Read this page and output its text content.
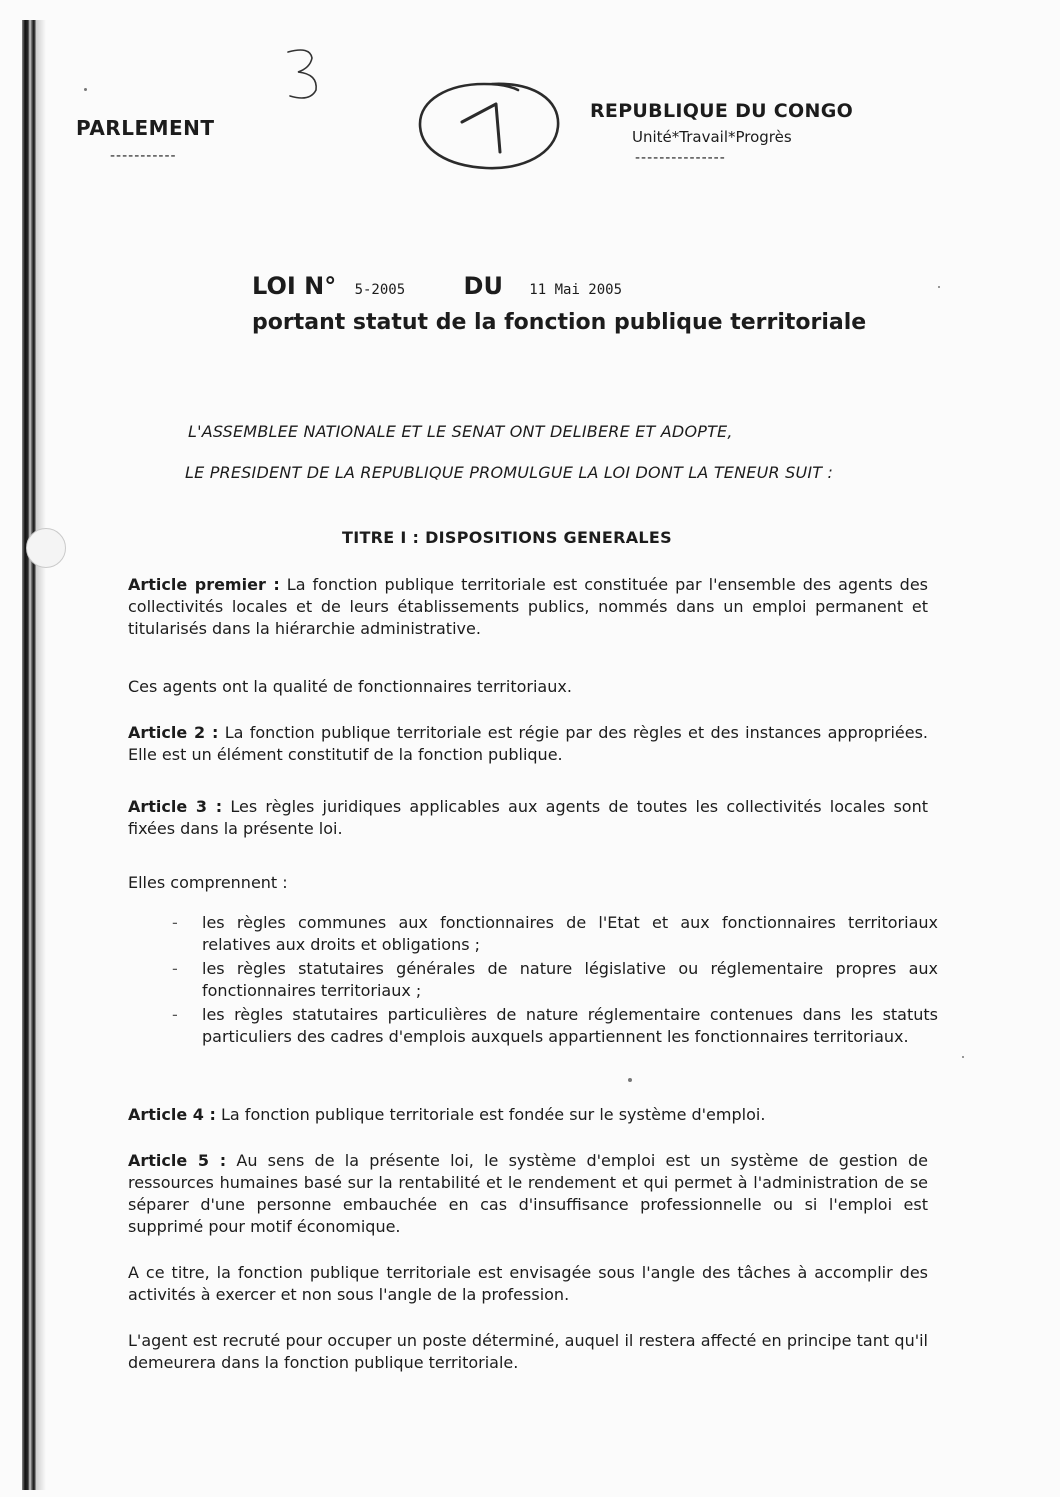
PARLEMENT
-----------
REPUBLIQUE DU CONGO
Unité*Travail*Progrès
---------------
LOI N° 5-2005 DU 11 Mai 2005
portant statut de la fonction publique territoriale
L'ASSEMBLEE NATIONALE ET LE SENAT ONT DELIBERE ET ADOPTE,
LE PRESIDENT DE LA REPUBLIQUE PROMULGUE LA LOI DONT LA TENEUR SUIT :
TITRE I : DISPOSITIONS GENERALES
Article premier : La fonction publique territoriale est constituée par l'ensemble des agents des collectivités locales et de leurs établissements publics, nommés dans un emploi permanent et titularisés dans la hiérarchie administrative.
Ces agents ont la qualité de fonctionnaires territoriaux.
Article 2 : La fonction publique territoriale est régie par des règles et des instances appropriées. Elle est un élément constitutif de la fonction publique.
Article 3 : Les règles juridiques applicables aux agents de toutes les collectivités locales sont fixées dans la présente loi.
Elles comprennent :
- les règles communes aux fonctionnaires de l'Etat et aux fonctionnaires territoriaux relatives aux droits et obligations ;
- les règles statutaires générales de nature législative ou réglementaire propres aux fonctionnaires territoriaux ;
- les règles statutaires particulières de nature réglementaire contenues dans les statuts particuliers des cadres d'emplois auxquels appartiennent les fonctionnaires territoriaux.
Article 4 : La fonction publique territoriale est fondée sur le système d'emploi.
Article 5 : Au sens de la présente loi, le système d'emploi est un système de gestion de ressources humaines basé sur la rentabilité et le rendement et qui permet à l'administration de se séparer d'une personne embauchée en cas d'insuffisance professionnelle ou si l'emploi est supprimé pour motif économique.
A ce titre, la fonction publique territoriale est envisagée sous l'angle des tâches à accomplir des activités à exercer et non sous l'angle de la profession.
L'agent est recruté pour occuper un poste déterminé, auquel il restera affecté en principe tant qu'il demeurera dans la fonction publique territoriale.
